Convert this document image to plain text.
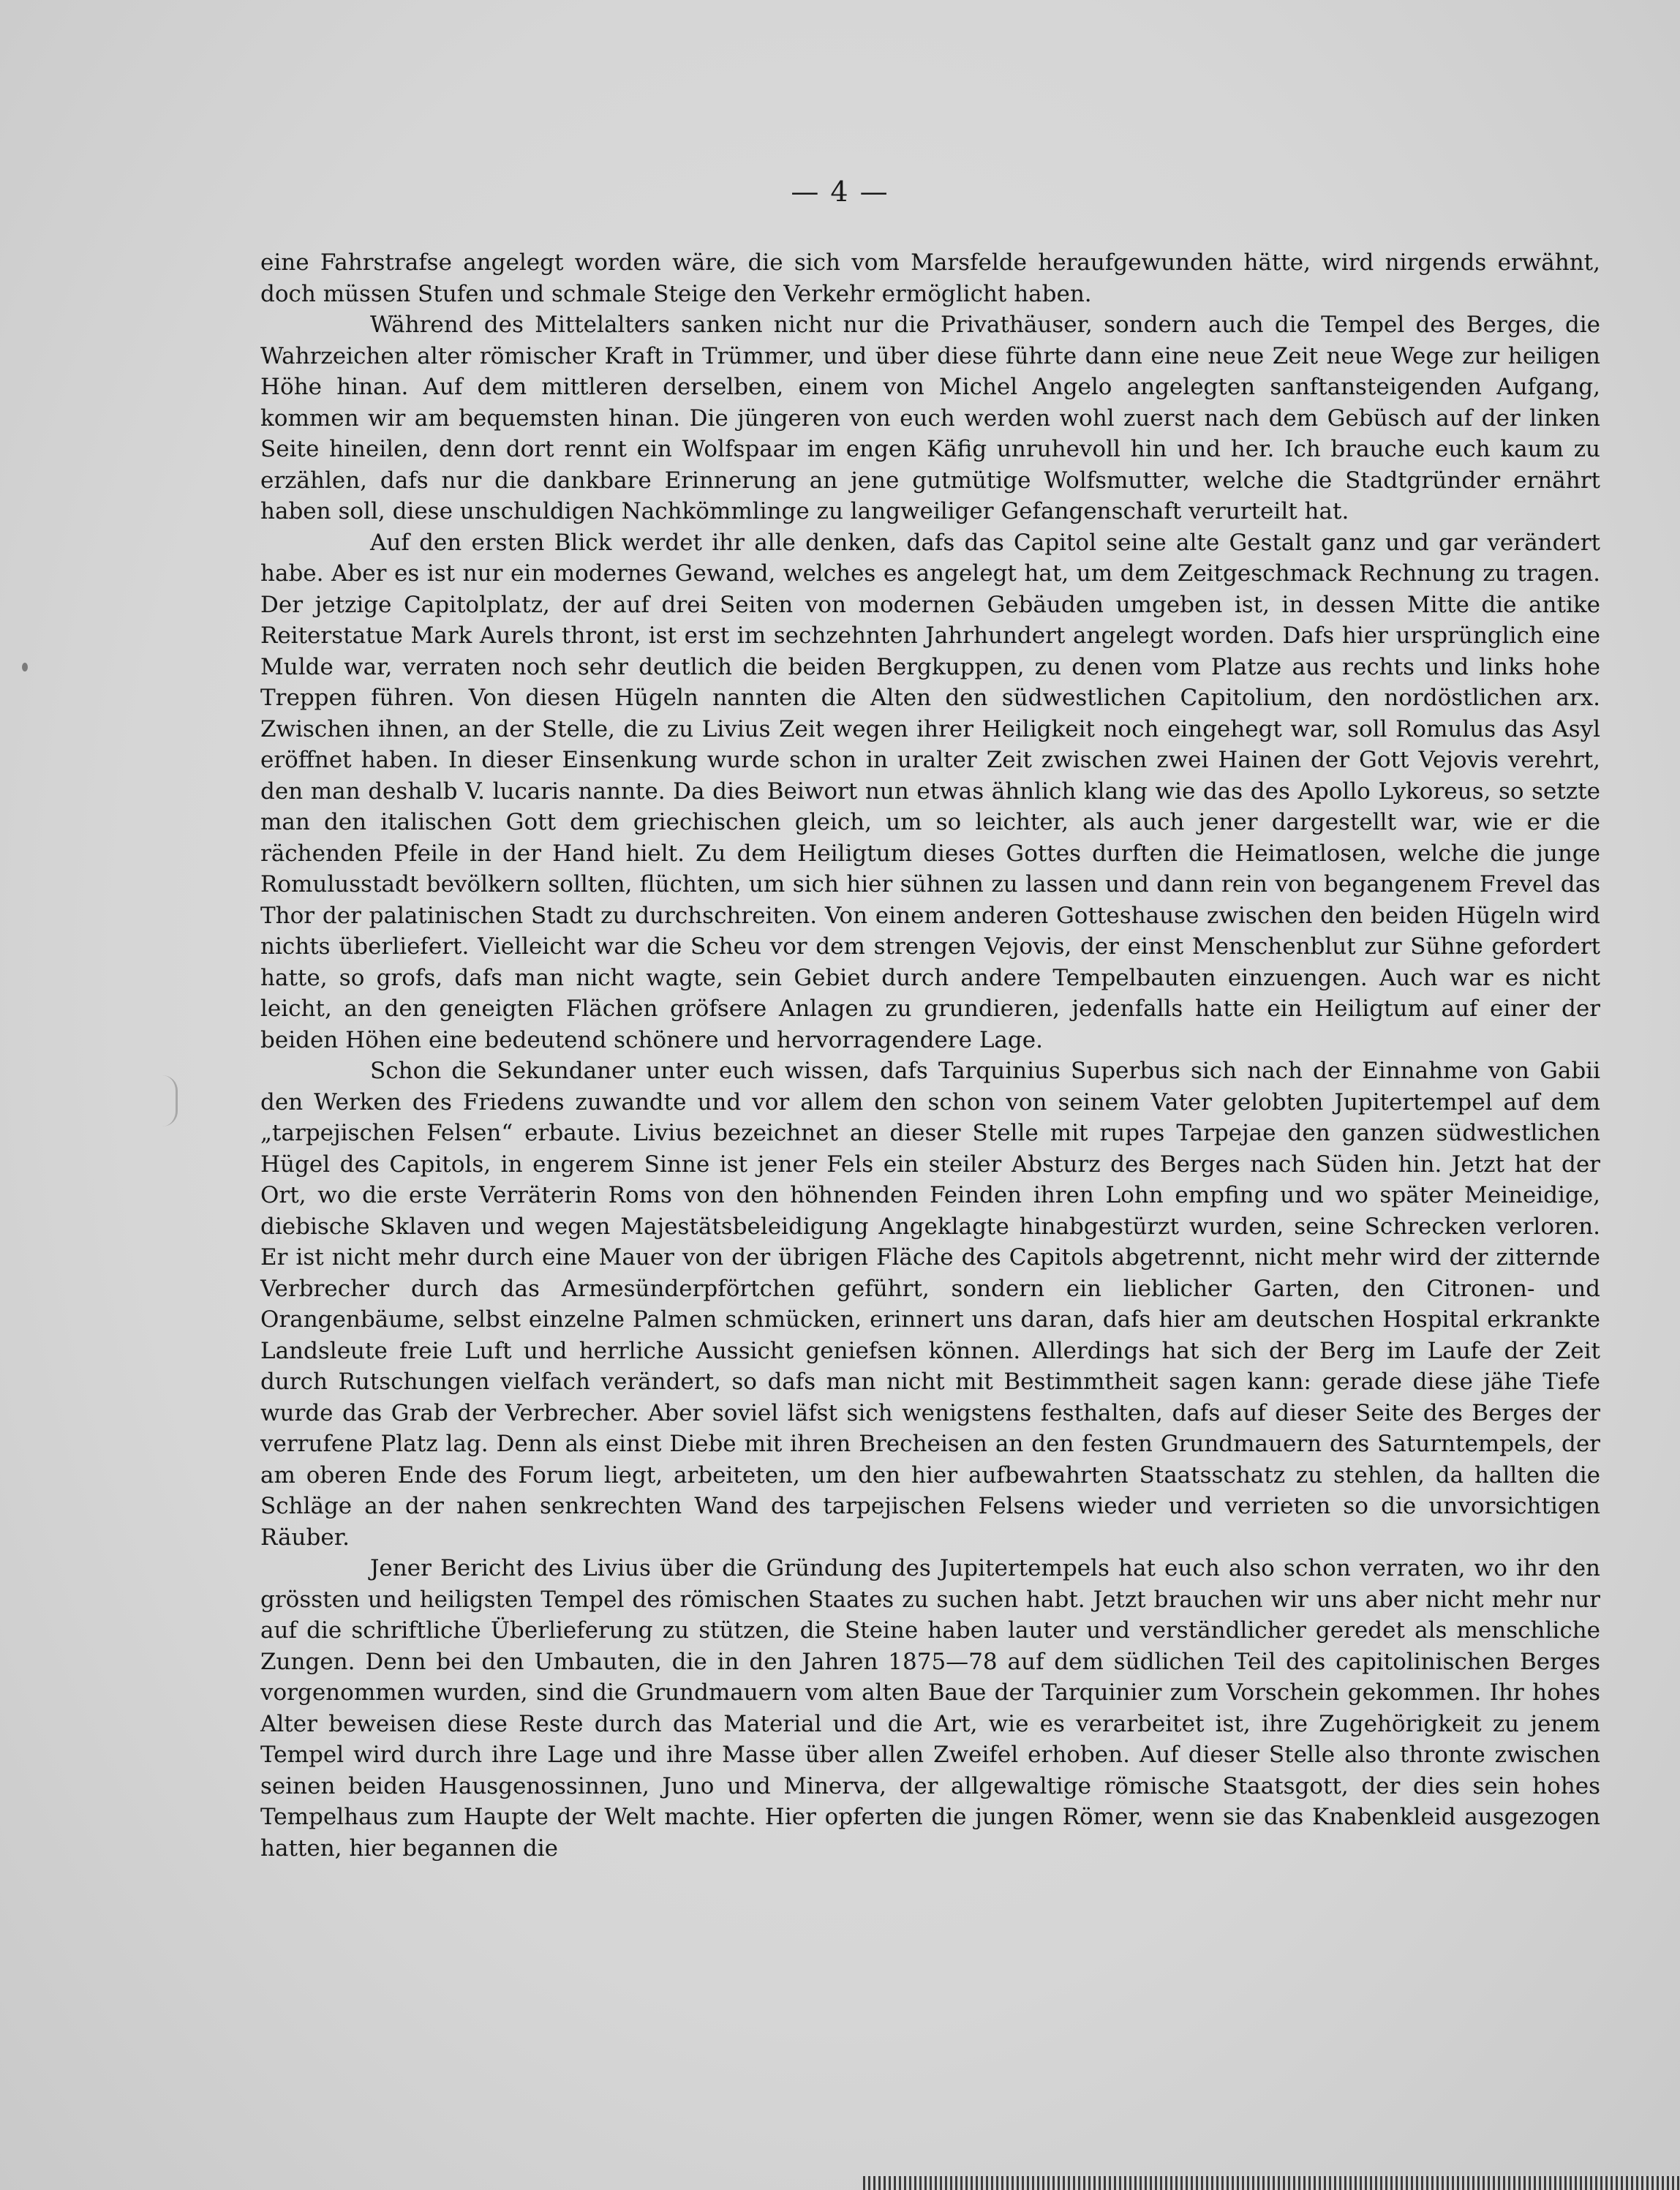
— 4 —

eine Fahrstrafse angelegt worden wäre, die sich vom Marsfelde heraufgewunden hätte, wird nirgends erwähnt, doch müssen Stufen und schmale Steige den Verkehr ermöglicht haben.

Während des Mittelalters sanken nicht nur die Privathäuser, sondern auch die Tempel des Berges, die Wahrzeichen alter römischer Kraft in Trümmer, und über diese führte dann eine neue Zeit neue Wege zur heiligen Höhe hinan. Auf dem mittleren derselben, einem von Michel Angelo angelegten sanftansteigenden Aufgang, kommen wir am bequemsten hinan. Die jüngeren von euch werden wohl zuerst nach dem Gebüsch auf der linken Seite hineilen, denn dort rennt ein Wolfspaar im engen Käfig unruhevoll hin und her. Ich brauche euch kaum zu erzählen, dafs nur die dankbare Erinnerung an jene gutmütige Wolfsmutter, welche die Stadtgründer ernährt haben soll, diese unschuldigen Nachkömmlinge zu langweiliger Gefangenschaft verurteilt hat.

Auf den ersten Blick werdet ihr alle denken, dafs das Capitol seine alte Gestalt ganz und gar verändert habe. Aber es ist nur ein modernes Gewand, welches es angelegt hat, um dem Zeitgeschmack Rechnung zu tragen. Der jetzige Capitolplatz, der auf drei Seiten von modernen Gebäuden umgeben ist, in dessen Mitte die antike Reiterstatue Mark Aurels thront, ist erst im sechzehnten Jahrhundert angelegt worden. Dafs hier ursprünglich eine Mulde war, verraten noch sehr deutlich die beiden Bergkuppen, zu denen vom Platze aus rechts und links hohe Treppen führen. Von diesen Hügeln nannten die Alten den südwestlichen Capitolium, den nordöstlichen arx. Zwischen ihnen, an der Stelle, die zu Livius Zeit wegen ihrer Heiligkeit noch eingehegt war, soll Romulus das Asyl eröffnet haben. In dieser Einsenkung wurde schon in uralter Zeit zwischen zwei Hainen der Gott Vejovis verehrt, den man deshalb V. lucaris nannte. Da dies Beiwort nun etwas ähnlich klang wie das des Apollo Lykoreus, so setzte man den italischen Gott dem griechischen gleich, um so leichter, als auch jener dargestellt war, wie er die rächenden Pfeile in der Hand hielt. Zu dem Heiligtum dieses Gottes durften die Heimatlosen, welche die junge Romulusstadt bevölkern sollten, flüchten, um sich hier sühnen zu lassen und dann rein von begangenem Frevel das Thor der palatinischen Stadt zu durchschreiten. Von einem anderen Gotteshause zwischen den beiden Hügeln wird nichts überliefert. Vielleicht war die Scheu vor dem strengen Vejovis, der einst Menschenblut zur Sühne gefordert hatte, so grofs, dafs man nicht wagte, sein Gebiet durch andere Tempelbauten einzuengen. Auch war es nicht leicht, an den geneigten Flächen gröfsere Anlagen zu grundieren, jedenfalls hatte ein Heiligtum auf einer der beiden Höhen eine bedeutend schönere und hervorragendere Lage.

Schon die Sekundaner unter euch wissen, dafs Tarquinius Superbus sich nach der Einnahme von Gabii den Werken des Friedens zuwandte und vor allem den schon von seinem Vater gelobten Jupitertempel auf dem „tarpejischen Felsen“ erbaute. Livius bezeichnet an dieser Stelle mit rupes Tarpejae den ganzen südwestlichen Hügel des Capitols, in engerem Sinne ist jener Fels ein steiler Absturz des Berges nach Süden hin. Jetzt hat der Ort, wo die erste Verräterin Roms von den höhnenden Feinden ihren Lohn empfing und wo später Meineidige, diebische Sklaven und wegen Majestätsbeleidigung Angeklagte hinabgestürzt wurden, seine Schrecken verloren. Er ist nicht mehr durch eine Mauer von der übrigen Fläche des Capitols abgetrennt, nicht mehr wird der zitternde Verbrecher durch das Armesünderpförtchen geführt, sondern ein lieblicher Garten, den Citronen- und Orangenbäume, selbst einzelne Palmen schmücken, erinnert uns daran, dafs hier am deutschen Hospital erkrankte Landsleute freie Luft und herrliche Aussicht geniefsen können. Allerdings hat sich der Berg im Laufe der Zeit durch Rutschungen vielfach verändert, so dafs man nicht mit Bestimmtheit sagen kann: gerade diese jähe Tiefe wurde das Grab der Verbrecher. Aber soviel läfst sich wenigstens festhalten, dafs auf dieser Seite des Berges der verrufene Platz lag. Denn als einst Diebe mit ihren Brecheisen an den festen Grundmauern des Saturntempels, der am oberen Ende des Forum liegt, arbeiteten, um den hier aufbewahrten Staatsschatz zu stehlen, da hallten die Schläge an der nahen senkrechten Wand des tarpejischen Felsens wieder und verrieten so die unvorsichtigen Räuber.

Jener Bericht des Livius über die Gründung des Jupitertempels hat euch also schon verraten, wo ihr den grössten und heiligsten Tempel des römischen Staates zu suchen habt. Jetzt brauchen wir uns aber nicht mehr nur auf die schriftliche Überlieferung zu stützen, die Steine haben lauter und verständlicher geredet als menschliche Zungen. Denn bei den Umbauten, die in den Jahren 1875—78 auf dem südlichen Teil des capitolinischen Berges vorgenommen wurden, sind die Grundmauern vom alten Baue der Tarquinier zum Vorschein gekommen. Ihr hohes Alter beweisen diese Reste durch das Material und die Art, wie es verarbeitet ist, ihre Zugehörigkeit zu jenem Tempel wird durch ihre Lage und ihre Masse über allen Zweifel erhoben. Auf dieser Stelle also thronte zwischen seinen beiden Hausgenossinnen, Juno und Minerva, der allgewaltige römische Staatsgott, der dies sein hohes Tempelhaus zum Haupte der Welt machte. Hier opferten die jungen Römer, wenn sie das Knabenkleid ausgezogen hatten, hier begannen die
